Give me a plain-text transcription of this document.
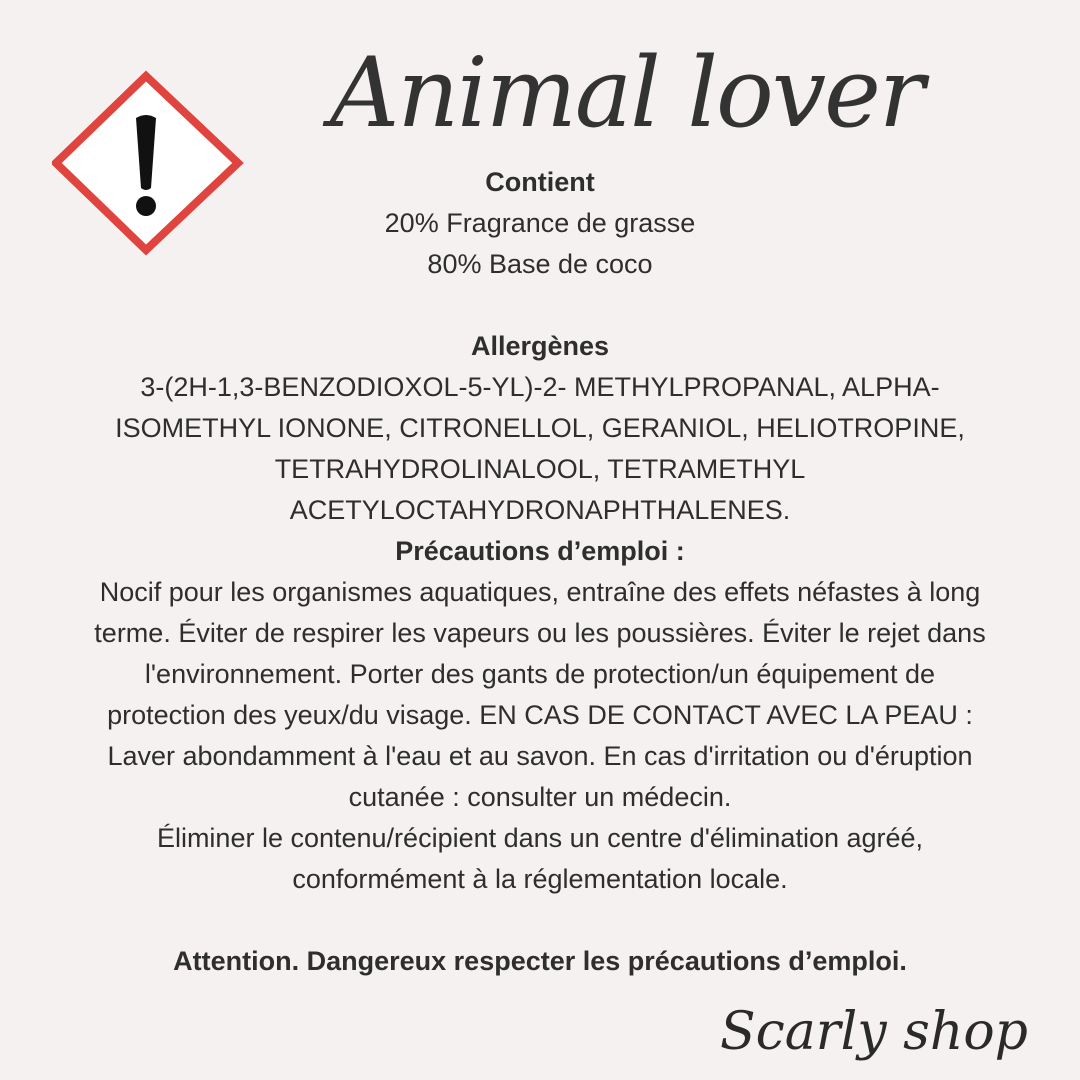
Animal lover
Contient
20% Fragrance de grasse
80% Base de coco
Allergènes
3-(2H-1,3-BENZODIOXOL-5-YL)-2- METHYLPROPANAL, ALPHA-
ISOMETHYL IONONE, CITRONELLOL, GERANIOL, HELIOTROPINE,
TETRAHYDROLINALOOL, TETRAMETHYL
ACETYLOCTAHYDRONAPHTHALENES.
Précautions d’emploi :
Nocif pour les organismes aquatiques, entraîne des effets néfastes à long
terme. Éviter de respirer les vapeurs ou les poussières. Éviter le rejet dans
l'environnement. Porter des gants de protection/un équipement de
protection des yeux/du visage. EN CAS DE CONTACT AVEC LA PEAU :
Laver abondamment à l'eau et au savon. En cas d'irritation ou d'éruption
cutanée : consulter un médecin.
Éliminer le contenu/récipient dans un centre d'élimination agréé,
conformément à la réglementation locale.
Attention. Dangereux respecter les précautions d’emploi.
Scarly shop
